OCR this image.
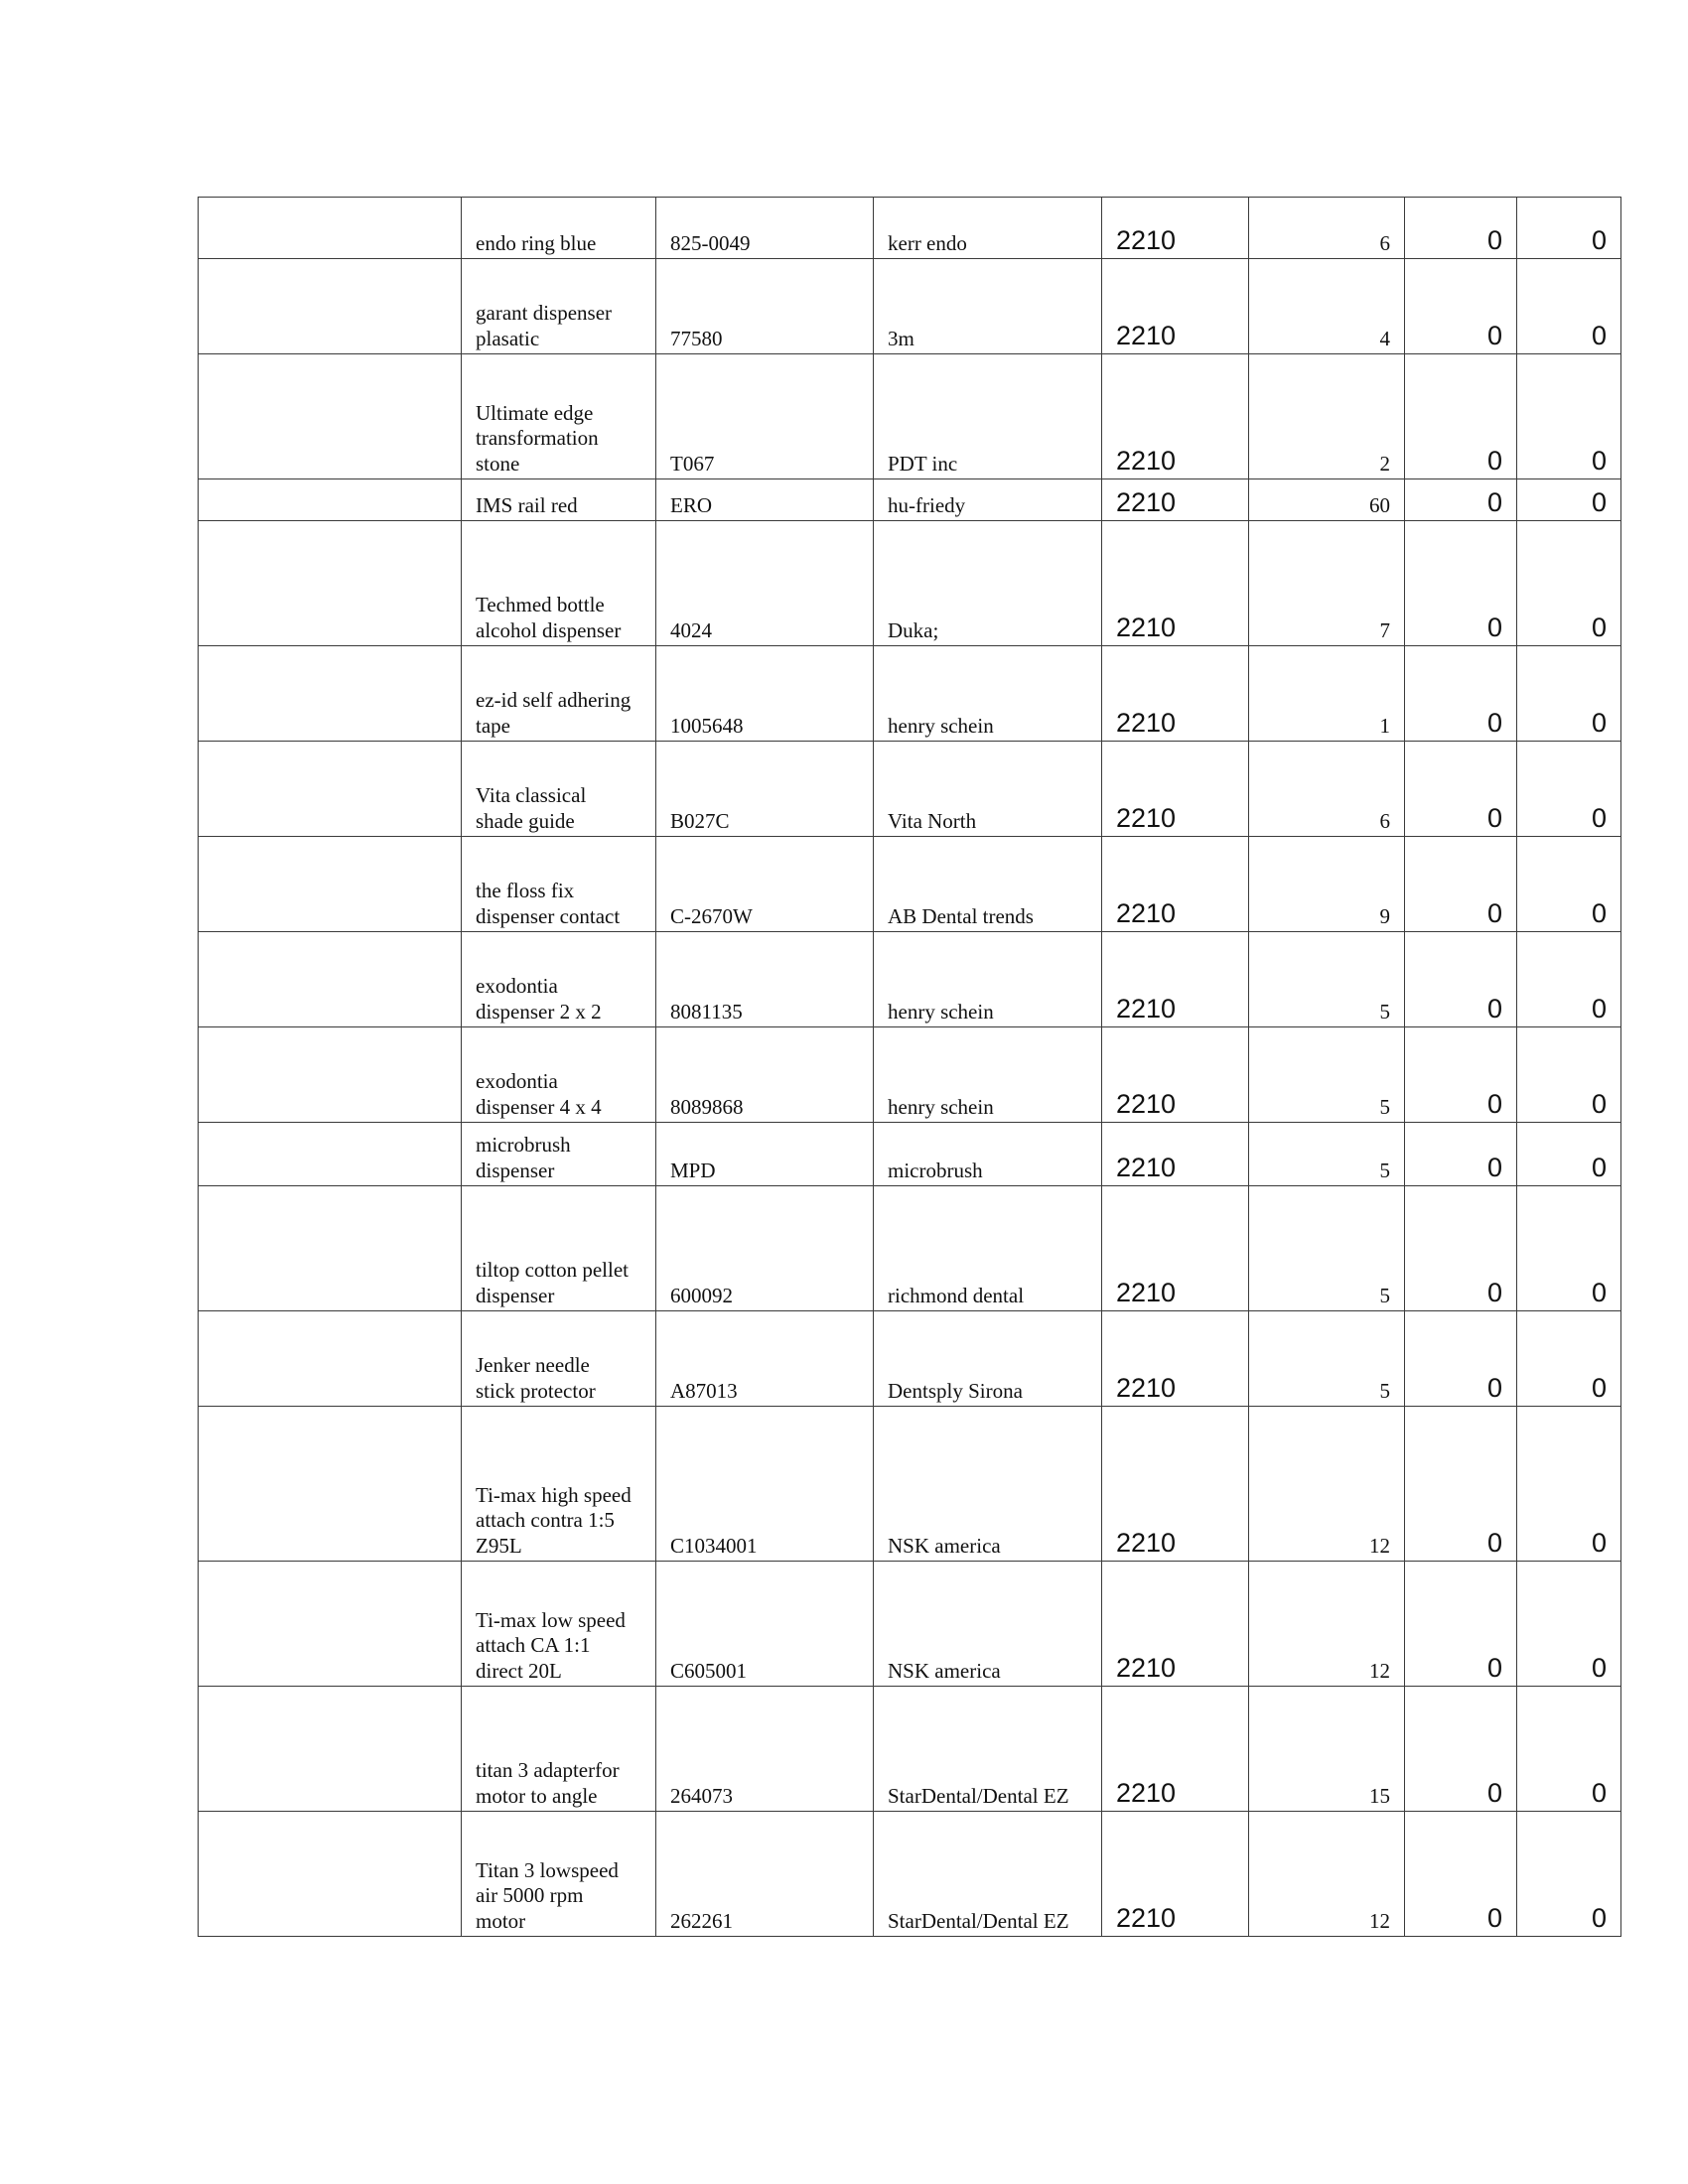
	endo ring blue	825-0049	kerr endo	2210	6	0	0

	garant dispenser
plasatic	77580	3m	2210	4	0	0

	Ultimate edge
transformation
stone	T067	PDT inc	2210	2	0	0

	IMS rail red	ERO	hu-friedy	2210	60	0	0

	Techmed bottle
alcohol dispenser	4024	Duka;	2210	7	0	0

	ez-id self adhering
tape	1005648	henry schein	2210	1	0	0

	Vita classical
shade guide	B027C	Vita North	2210	6	0	0

	the floss fix
dispenser contact	C-2670W	AB Dental trends	2210	9	0	0

	exodontia
dispenser 2 x 2	8081135	henry schein	2210	5	0	0

	exodontia
dispenser 4 x 4	8089868	henry schein	2210	5	0	0

	microbrush
dispenser	MPD	microbrush	2210	5	0	0

	tiltop cotton pellet
dispenser	600092	richmond dental	2210	5	0	0

	Jenker needle
stick protector	A87013	Dentsply Sirona	2210	5	0	0

	Ti-max high speed
attach contra 1:5
Z95L	C1034001	NSK america	2210	12	0	0

	Ti-max low speed
attach CA 1:1
direct 20L	C605001	NSK america	2210	12	0	0

	titan 3 adapterfor
motor to angle	264073	StarDental/Dental EZ	2210	15	0	0

	Titan 3 lowspeed
air 5000 rpm
motor	262261	StarDental/Dental EZ	2210	12	0	0
